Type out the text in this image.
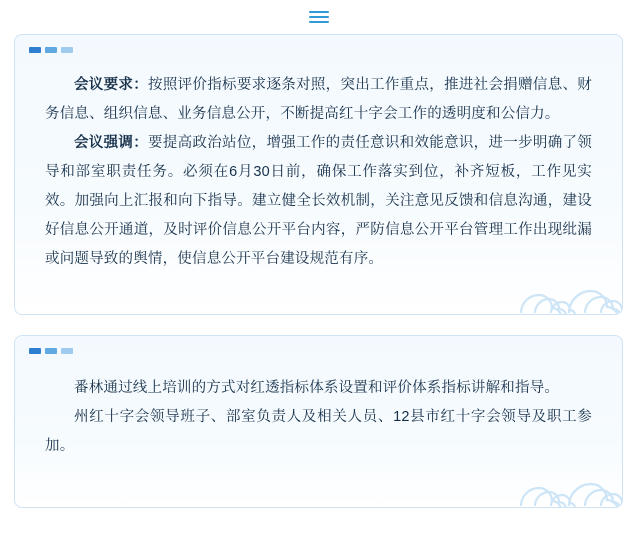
会议要求：按照评价指标要求逐条对照，突出工作重点，推进社会捐赠信息、财务信息、组织信息、业务信息公开，不断提高红十字会工作的透明度和公信力。

会议强调：要提高政治站位，增强工作的责任意识和效能意识，进一步明确了领导和部室职责任务。必须在6月30日前，确保工作落实到位，补齐短板，工作见实效。加强向上汇报和向下指导。建立健全长效机制，关注意见反馈和信息沟通，建设好信息公开通道，及时评价信息公开平台内容，严防信息公开平台管理工作出现纰漏或问题导致的舆情，使信息公开平台建设规范有序。

番林通过线上培训的方式对红透指标体系设置和评价体系指标讲解和指导。

州红十字会领导班子、部室负责人及相关人员、12县市红十字会领导及职工参加。
